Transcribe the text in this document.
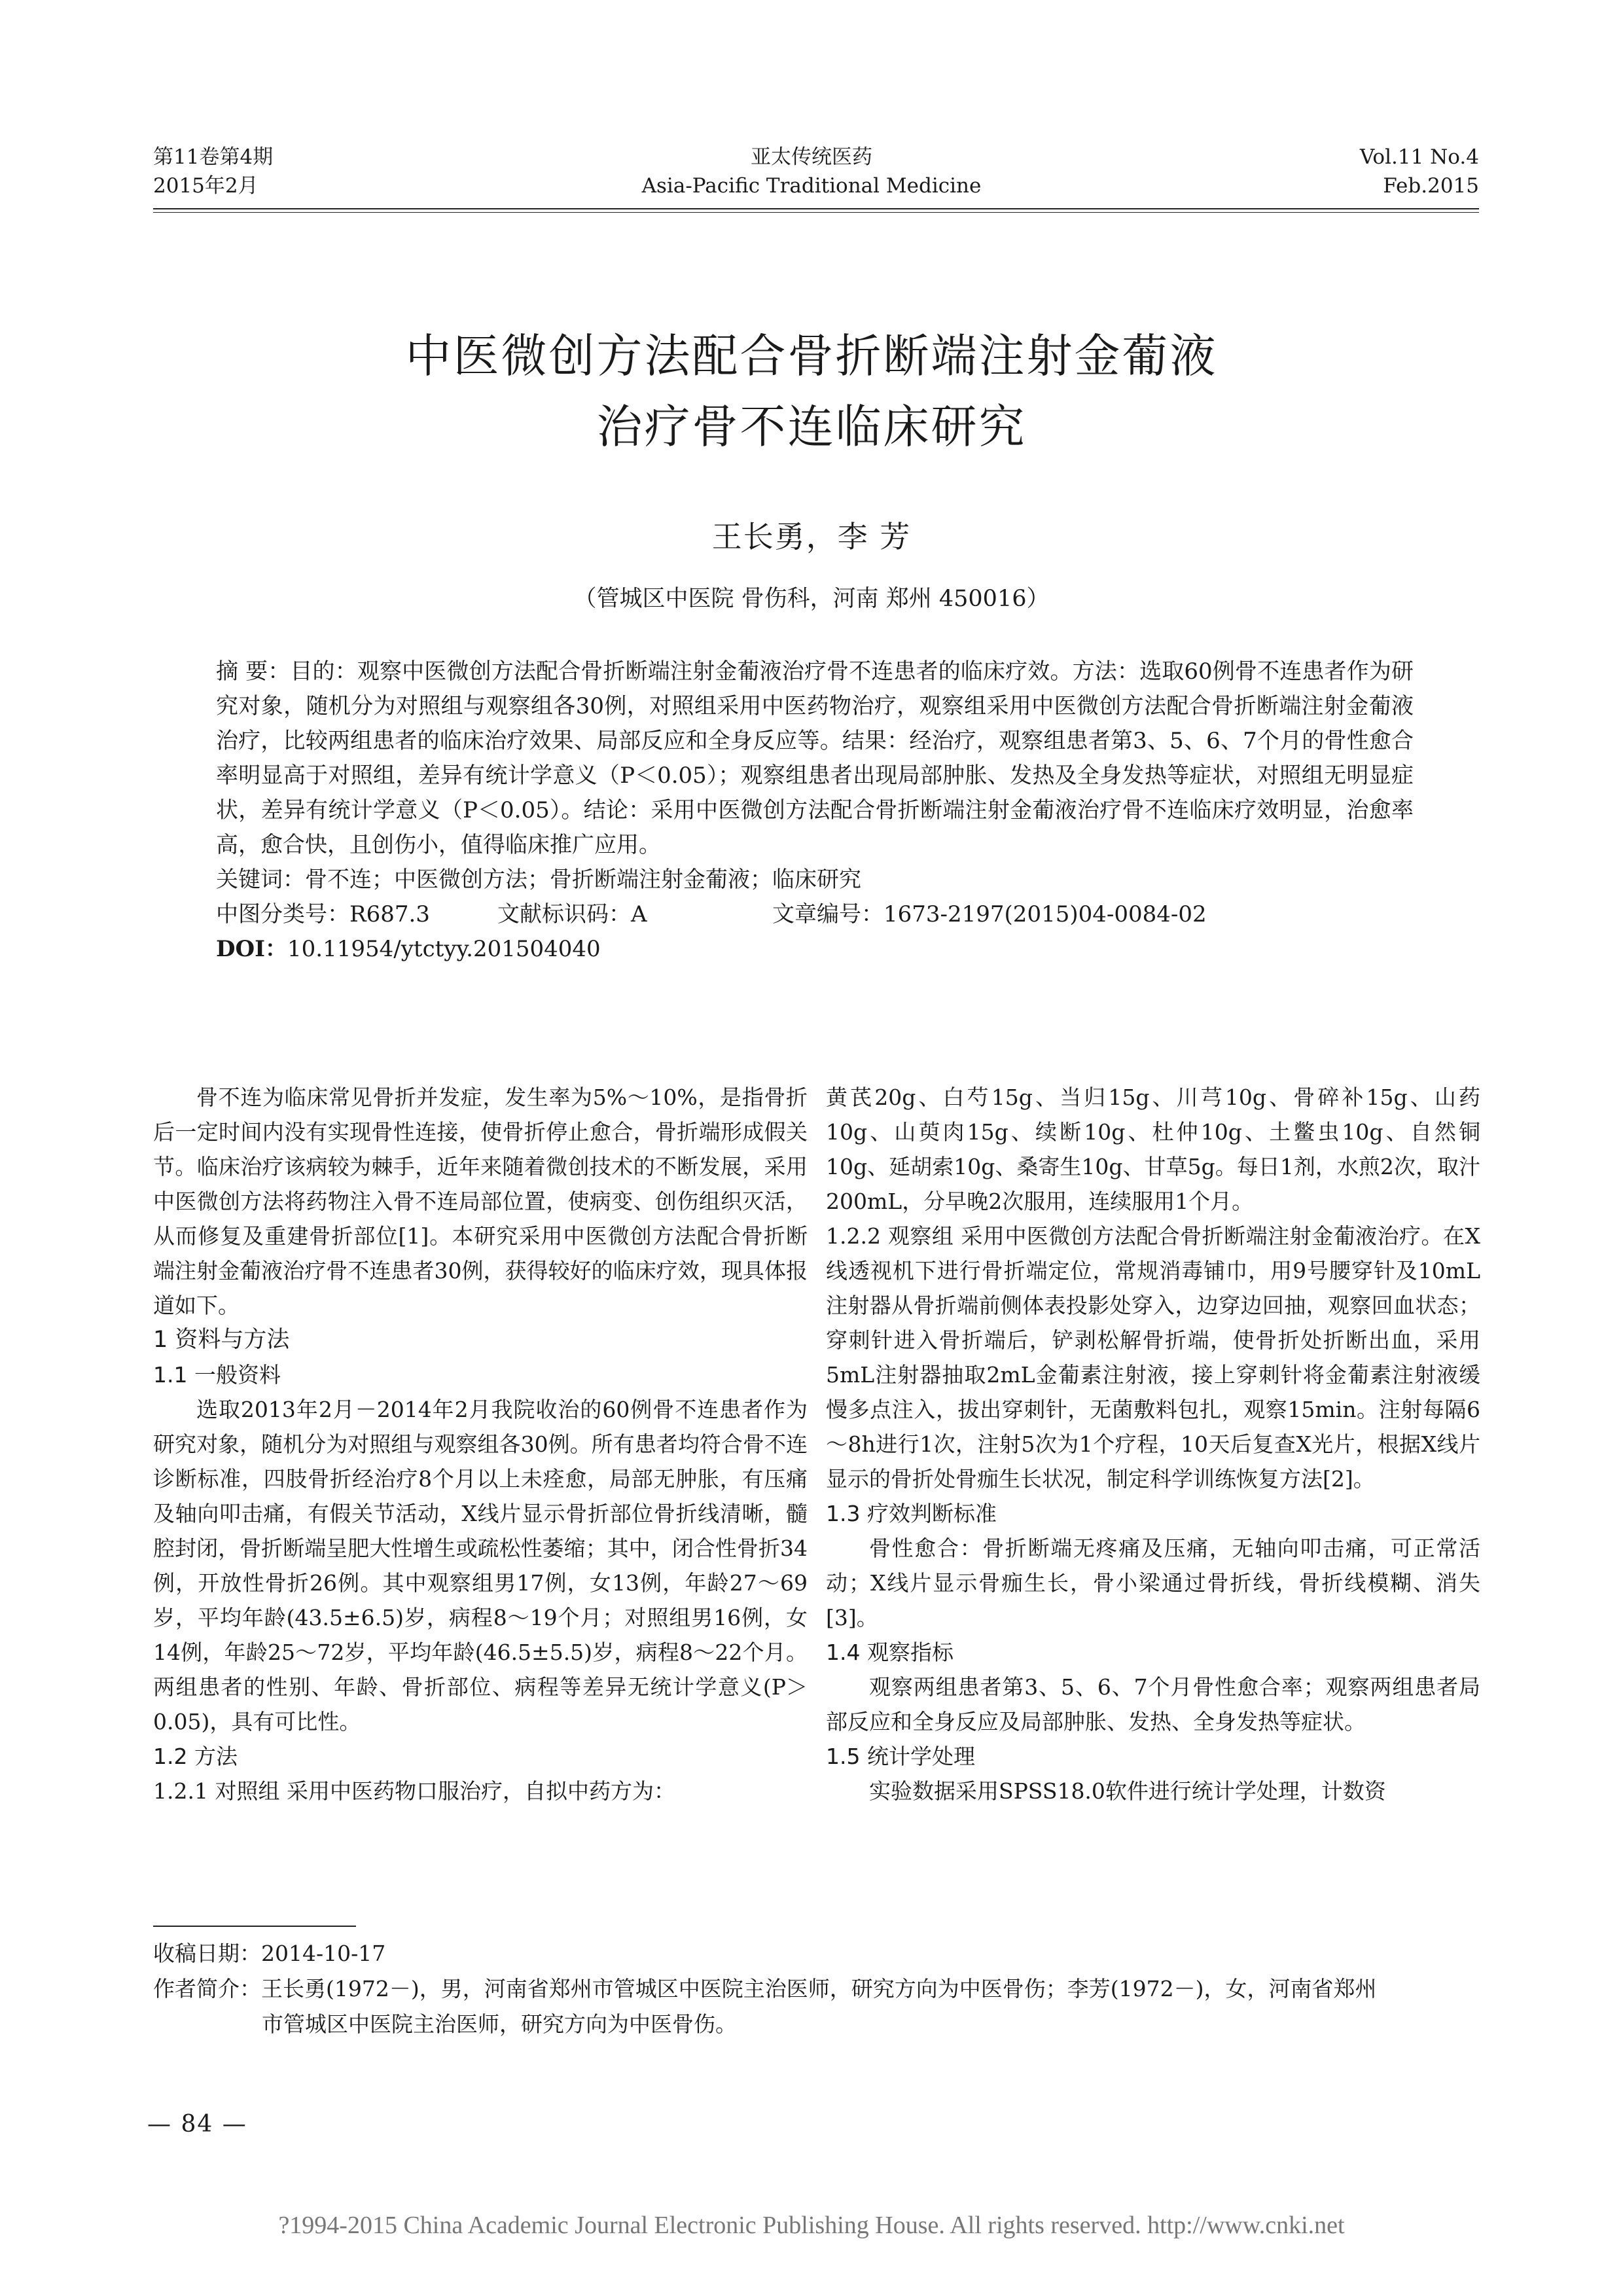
第11卷第4期
2015年2月
亚太传统医药
Asia-Pacific Traditional Medicine
Vol.11 No.4
Feb.2015
中医微创方法配合骨折断端注射金葡液
治疗骨不连临床研究
王长勇，李 芳
（管城区中医院 骨伤科，河南 郑州 450016）

摘 要：目的：观察中医微创方法配合骨折断端注射金葡液治疗骨不连患者的临床疗效。方法：选取60例骨不连患者作为研究对象，随机分为对照组与观察组各30例，对照组采用中医药物治疗，观察组采用中医微创方法配合骨折断端注射金葡液治疗，比较两组患者的临床治疗效果、局部反应和全身反应等。结果：经治疗，观察组患者第3、5、6、7个月的骨性愈合率明显高于对照组，差异有统计学意义（P＜0.05）；观察组患者出现局部肿胀、发热及全身发热等症状，对照组无明显症状，差异有统计学意义（P＜0.05）。结论：采用中医微创方法配合骨折断端注射金葡液治疗骨不连临床疗效明显，治愈率高，愈合快，且创伤小，值得临床推广应用。

关键词：骨不连；中医微创方法；骨折断端注射金葡液；临床研究

中图分类号：R687.3	文献标识码：A	文章编号：1673-2197(2015)04-0084-02

DOI：10.11954/ytctyy.201504040

骨不连为临床常见骨折并发症，发生率为5%～10%，是指骨折后一定时间内没有实现骨性连接，使骨折停止愈合，骨折端形成假关节。临床治疗该病较为棘手，近年来随着微创技术的不断发展，采用中医微创方法将药物注入骨不连局部位置，使病变、创伤组织灭活，从而修复及重建骨折部位[1]。本研究采用中医微创方法配合骨折断端注射金葡液治疗骨不连患者30例，获得较好的临床疗效，现具体报道如下。

1 资料与方法

1.1 一般资料

选取2013年2月－2014年2月我院收治的60例骨不连患者作为研究对象，随机分为对照组与观察组各30例。所有患者均符合骨不连诊断标准，四肢骨折经治疗8个月以上未痊愈，局部无肿胀，有压痛及轴向叩击痛，有假关节活动，X线片显示骨折部位骨折线清晰，髓腔封闭，骨折断端呈肥大性增生或疏松性萎缩；其中，闭合性骨折34例，开放性骨折26例。其中观察组男17例，女13例，年龄27～69岁，平均年龄(43.5±6.5)岁，病程8～19个月；对照组男16例，女14例，年龄25～72岁，平均年龄(46.5±5.5)岁，病程8～22个月。两组患者的性别、年龄、骨折部位、病程等差异无统计学意义(P＞0.05)，具有可比性。

1.2 方法

1.2.1 对照组 采用中医药物口服治疗，自拟中药方为：

黄芪20g、白芍15g、当归15g、川芎10g、骨碎补15g、山药10g、山萸肉15g、续断10g、杜仲10g、土鳖虫10g、自然铜10g、延胡索10g、桑寄生10g、甘草5g。每日1剂，水煎2次，取汁200mL，分早晚2次服用，连续服用1个月。

1.2.2 观察组 采用中医微创方法配合骨折断端注射金葡液治疗。在X线透视机下进行骨折端定位，常规消毒铺巾，用9号腰穿针及10mL注射器从骨折端前侧体表投影处穿入，边穿边回抽，观察回血状态；穿刺针进入骨折端后，铲剥松解骨折端，使骨折处折断出血，采用5mL注射器抽取2mL金葡素注射液，接上穿刺针将金葡素注射液缓慢多点注入，拔出穿刺针，无菌敷料包扎，观察15min。注射每隔6～8h进行1次，注射5次为1个疗程，10天后复查X光片，根据X线片显示的骨折处骨痂生长状况，制定科学训练恢复方法[2]。

1.3 疗效判断标准

骨性愈合：骨折断端无疼痛及压痛，无轴向叩击痛，可正常活动；X线片显示骨痂生长，骨小梁通过骨折线，骨折线模糊、消失[3]。

1.4 观察指标

观察两组患者第3、5、6、7个月骨性愈合率；观察两组患者局部反应和全身反应及局部肿胀、发热、全身发热等症状。

1.5 统计学处理

实验数据采用SPSS18.0软件进行统计学处理，计数资

收稿日期：2014-10-17

作者简介：王长勇(1972－)，男，河南省郑州市管城区中医院主治医师，研究方向为中医骨伤；李芳(1972－)，女，河南省郑州

市管城区中医院主治医师，研究方向为中医骨伤。

— 84 —
?1994-2015 China Academic Journal Electronic Publishing House. All rights reserved. http://www.cnki.net
